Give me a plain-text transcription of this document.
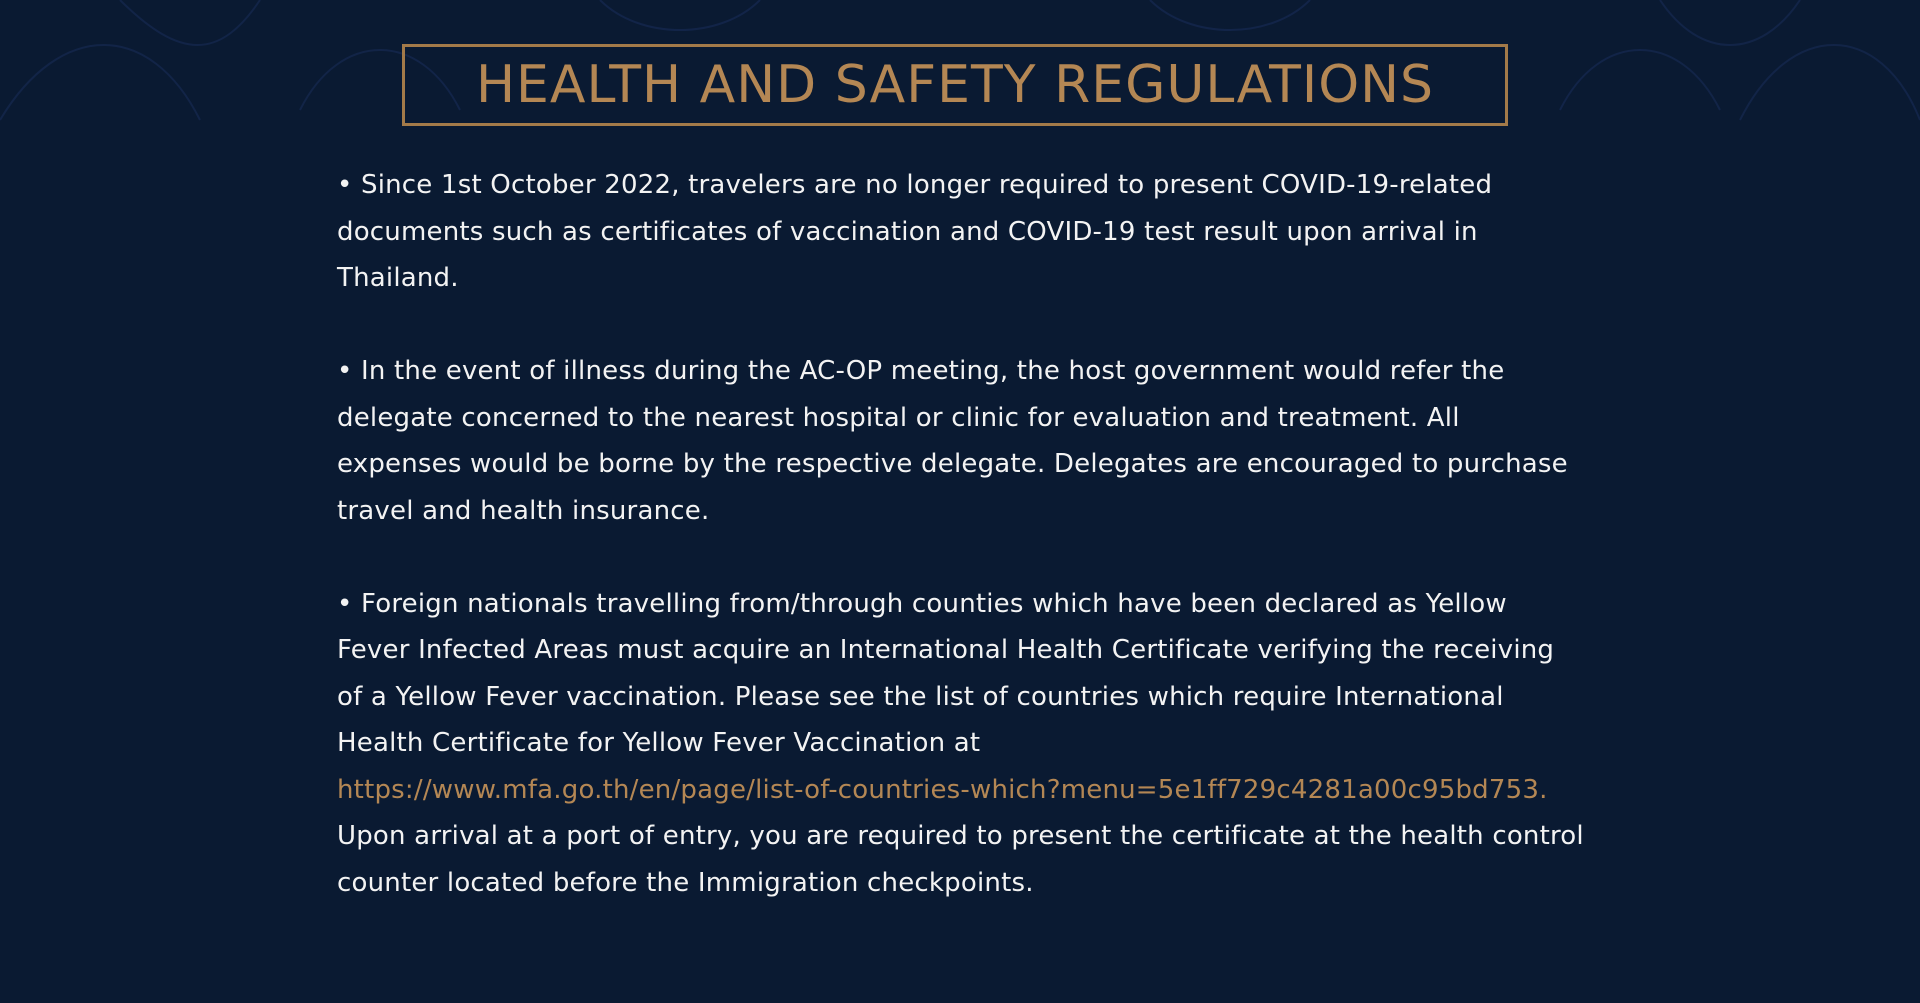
HEALTH AND SAFETY REGULATIONS

• Since 1st October 2022, travelers are no longer required to present COVID-19-related documents such as certificates of vaccination and COVID-19 test result upon arrival in Thailand.

• In the event of illness during the AC-OP meeting, the host government would refer the delegate concerned to the nearest hospital or clinic for evaluation and treatment. All expenses would be borne by the respective delegate. Delegates are encouraged to purchase travel and health insurance.

• Foreign nationals travelling from/through counties which have been declared as Yellow Fever Infected Areas must acquire an International Health Certificate verifying the receiving of a Yellow Fever vaccination. Please see the list of countries which require International Health Certificate for Yellow Fever Vaccination at
https://www.mfa.go.th/en/page/list-of-countries-which?menu=5e1ff729c4281a00c95bd753.
Upon arrival at a port of entry, you are required to present the certificate at the health control counter located before the Immigration checkpoints.
